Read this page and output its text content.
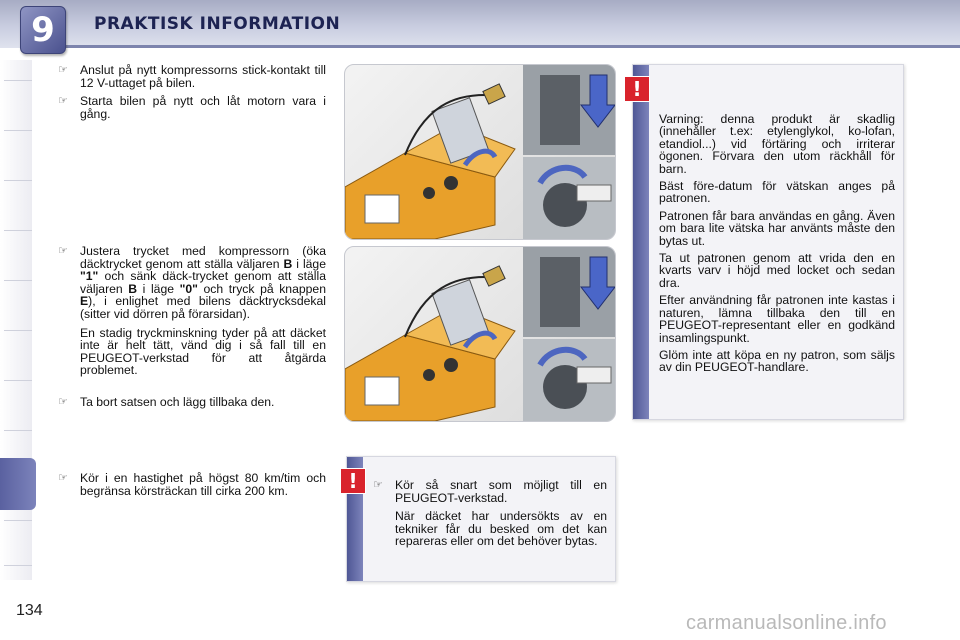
9	PRAKTISK INFORMATION
☞ Anslut på nytt kompressorns stick-kontakt till 12 V-uttaget på bilen.

☞ Starta bilen på nytt och låt motorn vara i gång.

☞ Justera trycket med kompressorn (öka däcktrycket genom att ställa väljaren B i läge "1" och sänk däck-trycket genom att ställa väljaren B i läge "0" och tryck på knappen E), i enlighet med bilens däcktrycksdekal (sitter vid dörren på förarsidan).

En stadig tryckminskning tyder på att däcket inte är helt tätt, vänd dig i så fall till en PEUGEOT-verkstad för att åtgärda problemet.

☞ Ta bort satsen och lägg tillbaka den.

☞ Kör i en hastighet på högst 80 km/tim och begränsa körsträckan till cirka 200 km.

Varning: denna produkt är skadlig (innehåller t.ex: etylenglykol, ko-lofan, etandiol...) vid förtäring och irriterar ögonen. Förvara den utom räckhåll för barn.

Bäst före-datum för vätskan anges på patronen.

Patronen får bara användas en gång. Även om bara lite vätska har använts måste den bytas ut.

Ta ut patronen genom att vrida den en kvarts varv i höjd med locket och sedan dra.

Efter användning får patronen inte kastas i naturen, lämna tillbaka den till en PEUGEOT-representant eller en godkänd insamlingspunkt.

Glöm inte att köpa en ny patron, som säljs av din PEUGEOT-handlare.

!
☞ Kör så snart som möjligt till en PEUGEOT-verkstad.

När däcket har undersökts av en tekniker får du besked om det kan repareras eller om det behöver bytas.

!
134
carmanualsonline.info
